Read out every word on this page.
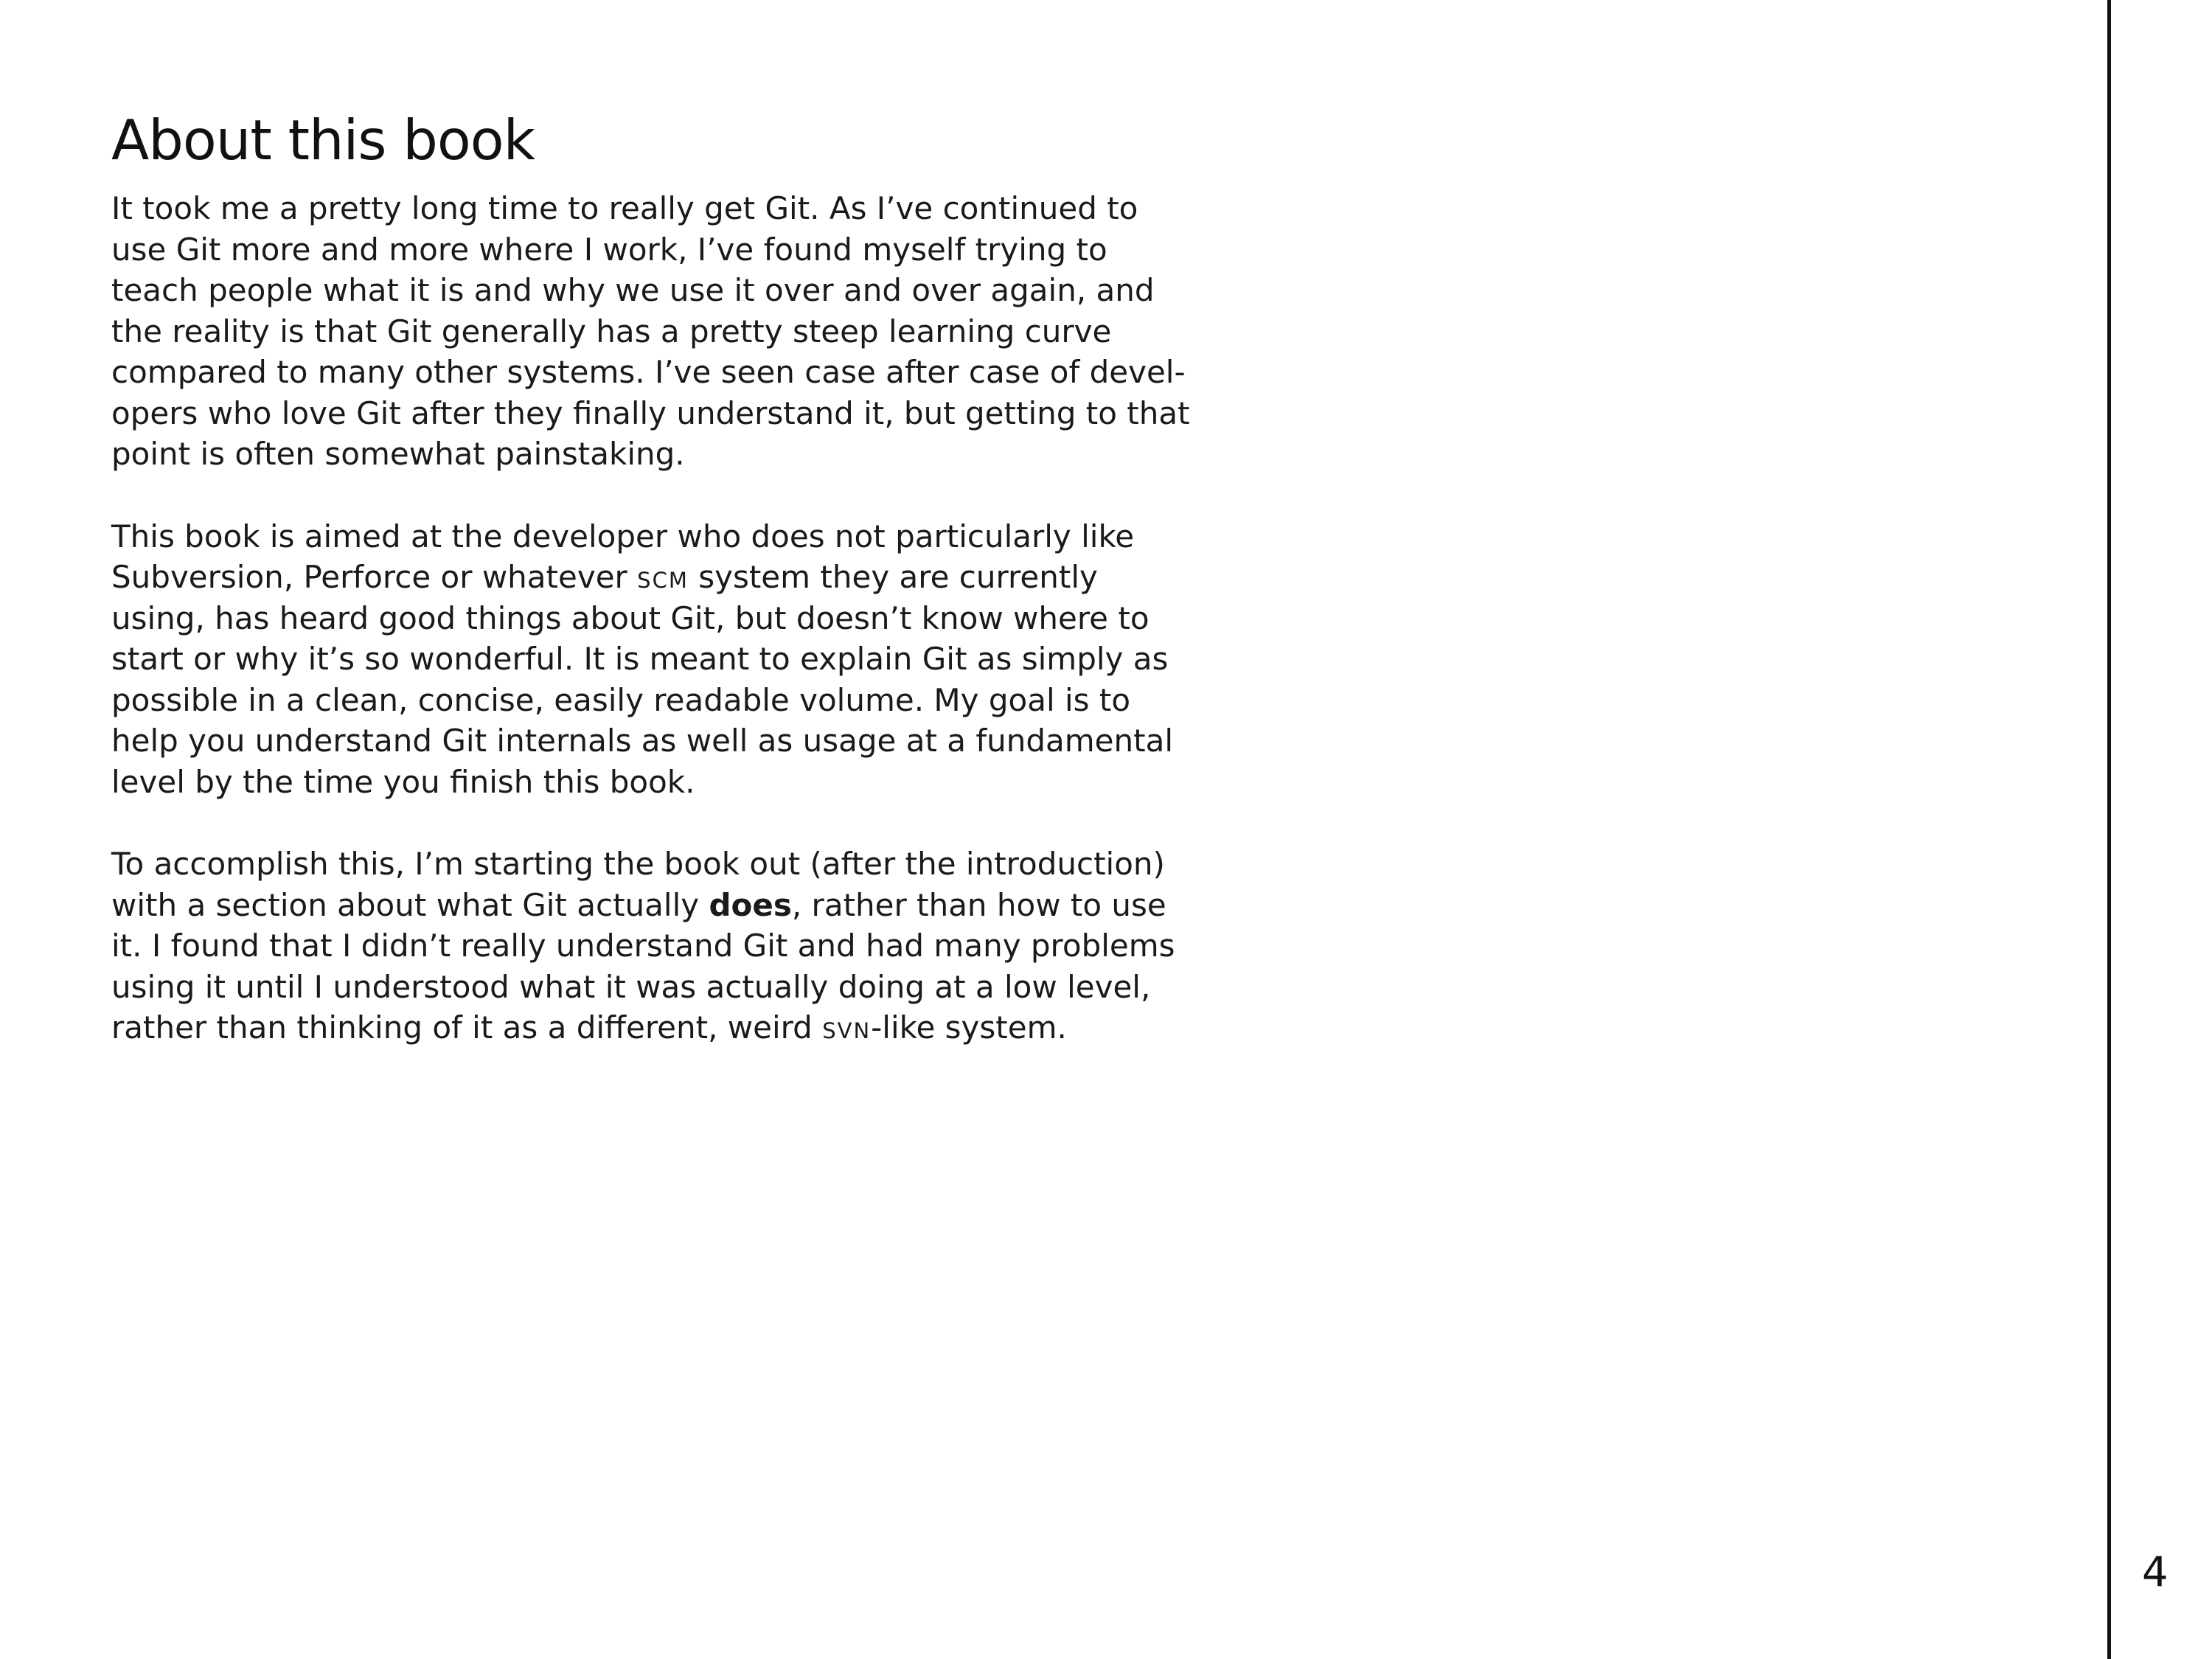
About this book

It took me a pretty long time to really get Git. As I’ve continued to
use Git more and more where I work, I’ve found myself trying to
teach people what it is and why we use it over and over again, and
the reality is that Git generally has a pretty steep learning curve
compared to many other systems. I’ve seen case after case of devel-
opers who love Git after they finally understand it, but getting to that
point is often somewhat painstaking.

This book is aimed at the developer who does not particularly like
Subversion, Perforce or whatever scm system they are currently
using, has heard good things about Git, but doesn’t know where to
start or why it’s so wonderful. It is meant to explain Git as simply as
possible in a clean, concise, easily readable volume. My goal is to
help you understand Git internals as well as usage at a fundamental
level by the time you finish this book.

To accomplish this, I’m starting the book out (after the introduction)
with a section about what Git actually does, rather than how to use
it. I found that I didn’t really understand Git and had many problems
using it until I understood what it was actually doing at a low level,
rather than thinking of it as a different, weird svn-like system.

4
